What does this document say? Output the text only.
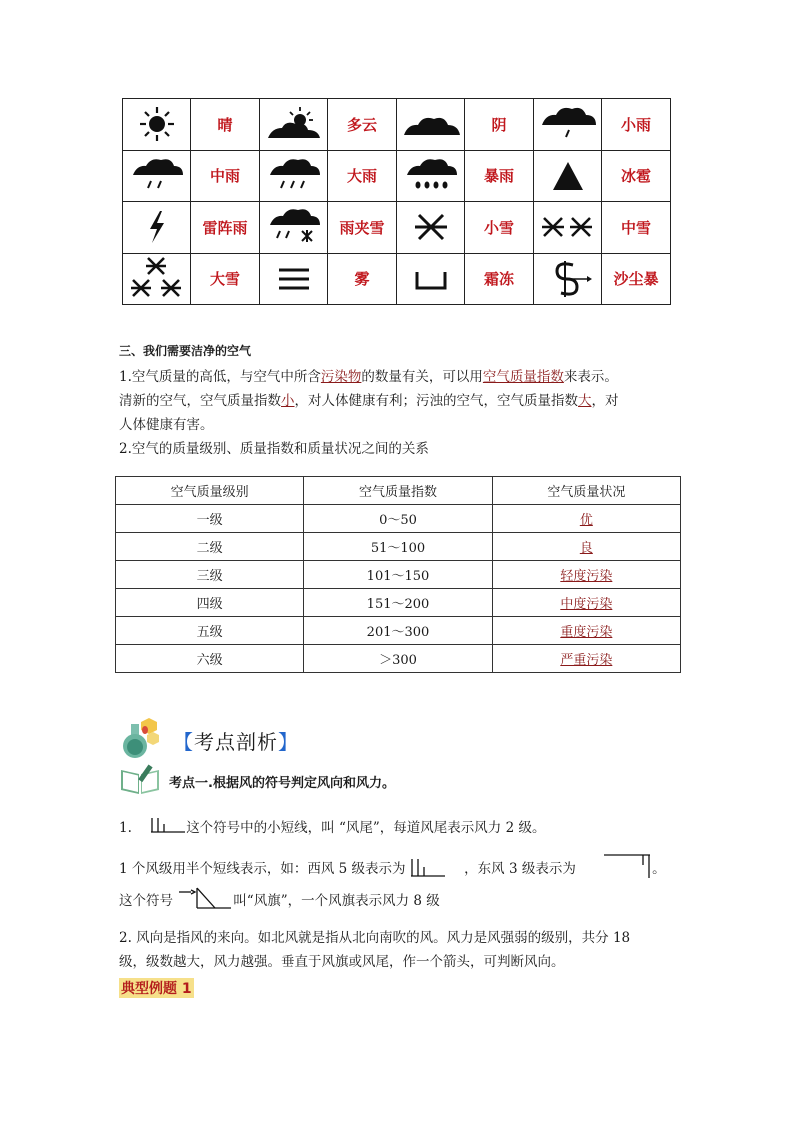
	晴		多云		阴		小雨

	中雨		大雨		暴雨		冰雹

	雷阵雨		雨夹雪		小雪		中雪

	大雪		雾		霜冻		沙尘暴
三、我们需要洁净的空气
1.空气质量的高低，与空气中所含污染物的数量有关，可以用空气质量指数来表示。
清新的空气，空气质量指数小，对人体健康有利；污浊的空气，空气质量指数大，对
人体健康有害。
2.空气的质量级别、质量指数和质量状况之间的关系
空气质量级别	空气质量指数	空气质量状况
一级	0～50	优
二级	51～100	良
三级	101～150	轻度污染
四级	151～200	中度污染
五级	201～300	重度污染
六级	＞300	严重污染
【考点剖析】
考点一.根据风的符号判定风向和风力。
1.	这个符号中的小短线，叫 “风尾”，每道风尾表示风力 2 级。
1 个风级用半个短线表示，如：西风 5 级表示为	，东风 3 级表示为	。
这个符号	叫“风旗”，一个风旗表示风力 8 级
2. 风向是指风的来向。如北风就是指从北向南吹的风。风力是风强弱的级别，共分 18
级，级数越大，风力越强。垂直于风旗或风尾，作一个箭头，可判断风向。
典型例题 1
